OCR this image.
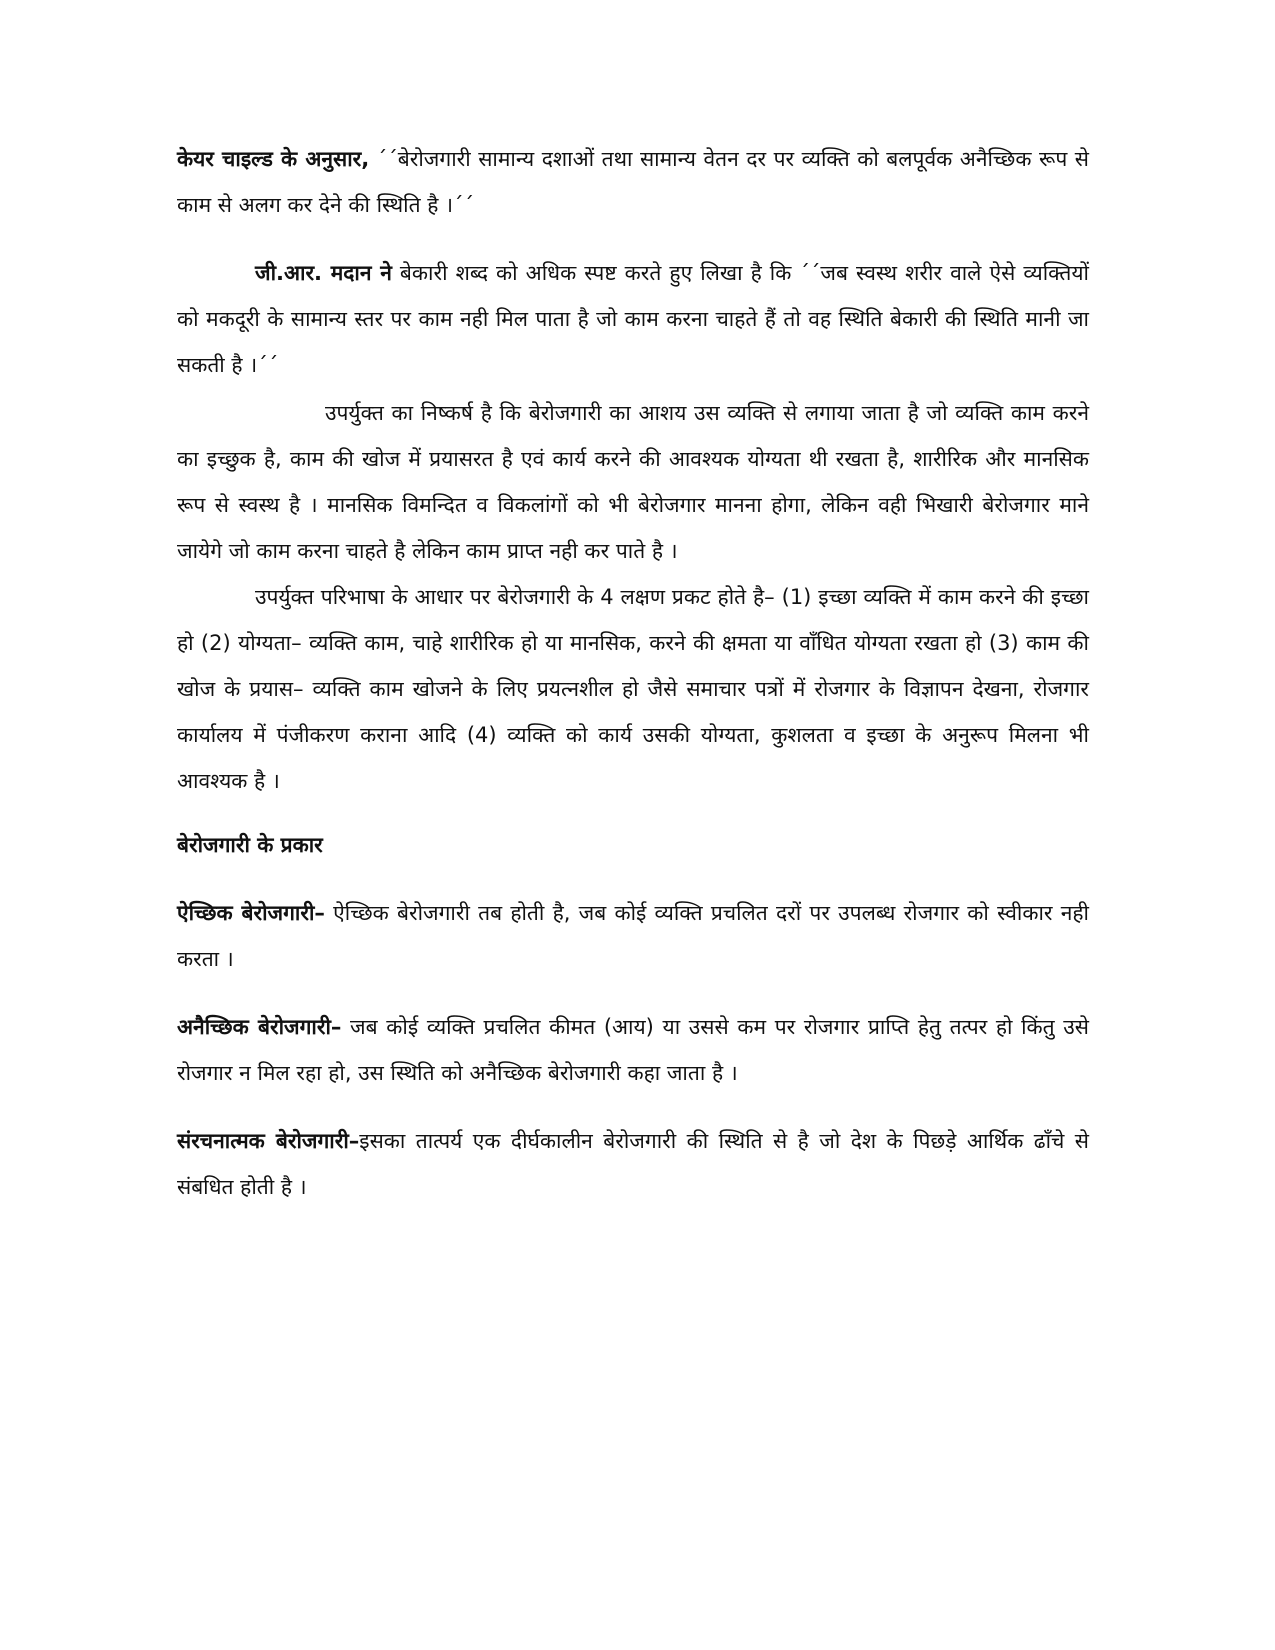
केयर चाइल्ड के अनुसार, ´´बेरोजगारी सामान्य दशाओं तथा सामान्य वेतन दर पर व्यक्ति को बलपूर्वक अनैच्छिक रूप से काम से अलग कर देने की स्थिति है ।´´

जी.आर. मदान ने बेकारी शब्द को अधिक स्पष्ट करते हुए लिखा है कि ´´जब स्वस्थ शरीर वाले ऐसे व्यक्तियों को मकदूरी के सामान्य स्तर पर काम नही मिल पाता है जो काम करना चाहते हैं तो वह स्थिति बेकारी की स्थिति मानी जा सकती है ।´´

उपर्युक्त का निष्कर्ष है कि बेरोजगारी का आशय उस व्यक्ति से लगाया जाता है जो व्यक्ति काम करने का इच्छुक है, काम की खोज में प्रयासरत है एवं कार्य करने की आवश्यक योग्यता थी रखता है, शारीरिक और मानसिक रूप से स्वस्थ है । मानसिक विमन्दित व विकलांगों को भी बेरोजगार मानना होगा, लेकिन वही भिखारी बेरोजगार माने जायेगे जो काम करना चाहते है लेकिन काम प्राप्त नही कर पाते है ।

उपर्युक्त परिभाषा के आधार पर बेरोजगारी के 4 लक्षण प्रकट होते है– (1) इच्छा व्यक्ति में काम करने की इच्छा हो (2) योग्यता– व्यक्ति काम, चाहे शारीरिक हो या मानसिक, करने की क्षमता या वॉंधित योग्यता रखता हो (3) काम की खोज के प्रयास– व्यक्ति काम खोजने के लिए प्रयत्नशील हो जैसे समाचार पत्रों में रोजगार के विज्ञापन देखना, रोजगार कार्यालय में पंजीकरण कराना आदि (4) व्यक्ति को कार्य उसकी योग्यता, कुशलता व इच्छा के अनुरूप मिलना भी आवश्यक है ।

बेरोजगारी के प्रकार

ऐच्छिक बेरोजगारी– ऐच्छिक बेरोजगारी तब होती है, जब कोई व्यक्ति प्रचलित दरों पर उपलब्ध रोजगार को स्वीकार नही करता ।

अनैच्छिक बेरोजगारी– जब कोई व्यक्ति प्रचलित कीमत (आय) या उससे कम पर रोजगार प्राप्ति हेतु तत्पर हो किंतु उसे रोजगार न मिल रहा हो, उस स्थिति को अनैच्छिक बेरोजगारी कहा जाता है ।

संरचनात्मक बेरोजगारी–इसका तात्पर्य एक दीर्घकालीन बेरोजगारी की स्थिति से है जो देश के पिछड़े आर्थिक ढाँचे से संबधित होती है ।
